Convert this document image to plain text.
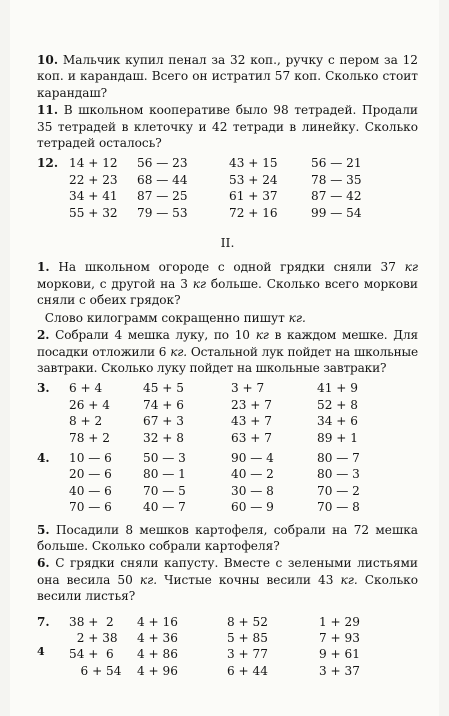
10. Мальчик купил пенал за 32 коп., ручку с пером за 12 коп. и карандаш. Всего он истратил 57 коп. Сколько стоит карандаш?

11. В школьном кооперативе было 98 тетрадей. Продали 35 тетрадей в клеточку и 42 тетради в линейку. Сколько тетрадей осталось?

12. 14 + 12	56 — 23	43 + 15	56 — 21
22 + 23	68 — 44	53 + 24	78 — 35
34 + 41	87 — 25	61 + 37	87 — 42
55 + 32	79 — 53	72 + 16	99 — 54
II.

1. На школьном огороде с одной грядки сняли 37 кг моркови, с другой на 3 кг больше. Сколько всего моркови сняли с обеих грядок?

Слово килограмм сокращенно пишут кг.

2. Собрали 4 мешка луку, по 10 кг в каждом мешке. Для посадки отложили 6 кг. Остальной лук пойдет на школьные завтраки. Сколько луку пойдет на школьные завтраки?

3.	6 + 4	45 + 5	3 + 7	41 + 9
26 + 4	74 + 6	23 + 7	52 + 8
8 + 2	67 + 3	43 + 7	34 + 6
78 + 2	32 + 8	63 + 7	89 + 1
4.	10 — 6	50 — 3	90 — 4	80 — 7
20 — 6	80 — 1	40 — 2	80 — 3
40 — 6	70 — 5	30 — 8	70 — 2
70 — 6	40 — 7	60 — 9	70 — 8

5. Посадили 8 мешков картофеля, собрали на 72 мешка больше. Сколько собрали картофеля?

6. С грядки сняли капусту. Вместе с зелеными листьями она весила 50 кг. Чистые кочны весили 43 кг. Сколько весили листья?

7.	38 +  2	4 + 16	8 + 52	1 + 29
2 + 38	4 + 36	5 + 85	7 + 93
54 +  6	4 + 86	3 + 77	9 + 61
6 + 54	4 + 96	6 + 44	3 + 37
4
